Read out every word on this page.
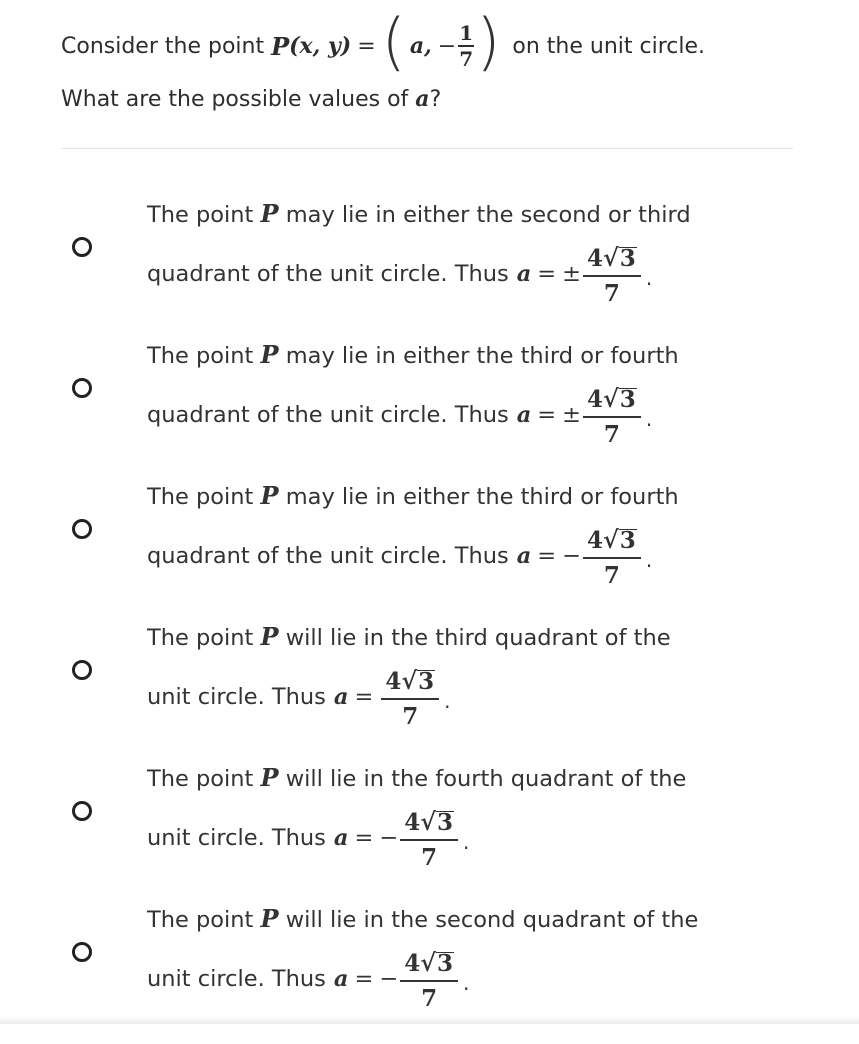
Consider the point
P (x, y) = ( a, − $\frac{1}{7}$ ) on the unit circle.
What are the possible values of a?
The point P may lie in either the second or third
quadrant of the unit circle. Thus a = ± $\frac{4 √ 3}{7}$ .
The point P may lie in either the third or fourth
quadrant of the unit circle. Thus a = ± $\frac{4 √ 3}{7}$ .
The point P may lie in either the third or fourth
quadrant of the unit circle. Thus a = − $\frac{4 √ 3}{7}$ .
The point P will lie in the third quadrant of the
unit circle. Thus $a = \frac{4 √ 3}{7}$ .
The point P will lie in the fourth quadrant of the
unit circle. Thus a = − $\frac{4 √ 3}{7}$ .
The point P will lie in the second quadrant of the
unit circle. Thus a = − $\frac{4 √ 3}{7}$ .
